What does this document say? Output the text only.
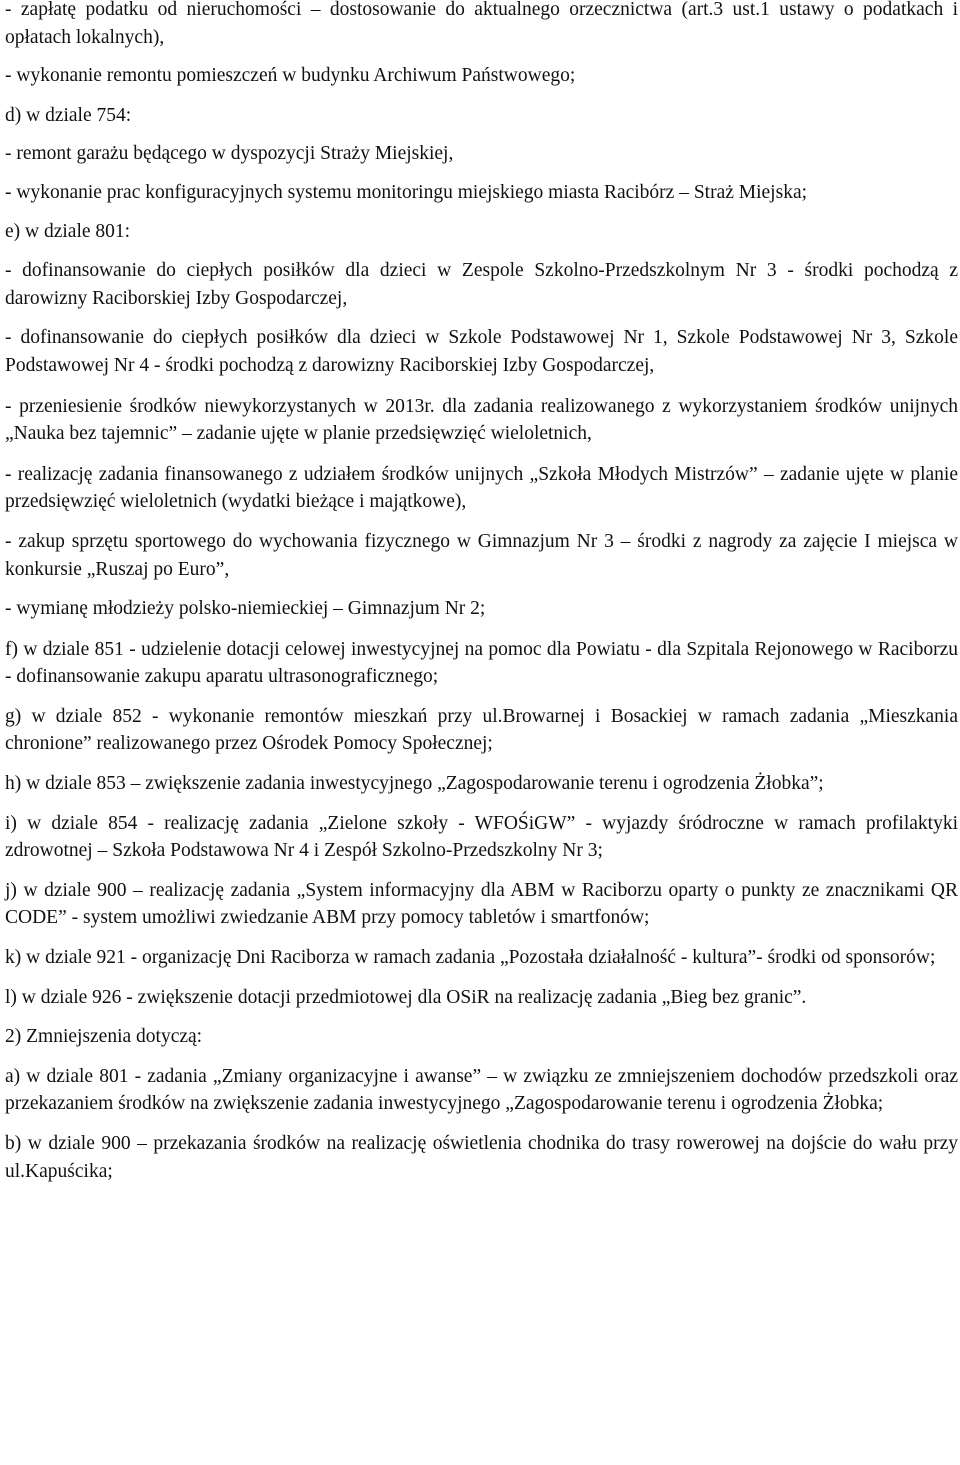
- zapłatę podatku od nieruchomości – dostosowanie do aktualnego orzecznictwa (art.3 ust.1 ustawy o podatkach i opłatach lokalnych),

- wykonanie remontu pomieszczeń w budynku Archiwum Państwowego;

d) w dziale 754:

- remont garażu będącego w dyspozycji Straży Miejskiej,

- wykonanie prac konfiguracyjnych systemu monitoringu miejskiego miasta Racibórz – Straż Miejska;

e) w dziale 801:

- dofinansowanie do ciepłych posiłków dla dzieci w Zespole Szkolno-Przedszkolnym Nr 3 - środki pochodzą z darowizny Raciborskiej Izby Gospodarczej,

- dofinansowanie do ciepłych posiłków dla dzieci w Szkole Podstawowej Nr 1, Szkole Podstawowej Nr 3, Szkole Podstawowej Nr 4 - środki pochodzą z darowizny Raciborskiej Izby Gospodarczej,

- przeniesienie środków niewykorzystanych w 2013r. dla zadania realizowanego z wykorzystaniem środków unijnych „Nauka bez tajemnic” – zadanie ujęte w planie przedsięwzięć wieloletnich,

- realizację zadania finansowanego z udziałem środków unijnych „Szkoła Młodych Mistrzów” – zadanie ujęte w planie przedsięwzięć wieloletnich (wydatki bieżące i majątkowe),

- zakup sprzętu sportowego do wychowania fizycznego w Gimnazjum Nr 3 – środki z nagrody za zajęcie I miejsca w konkursie „Ruszaj po Euro”,

- wymianę młodzieży polsko-niemieckiej – Gimnazjum Nr 2;

f) w dziale 851 - udzielenie dotacji celowej inwestycyjnej na pomoc dla Powiatu - dla Szpitala Rejonowego w Raciborzu - dofinansowanie zakupu aparatu ultrasonograficznego;

g) w dziale 852 - wykonanie remontów mieszkań przy ul.Browarnej i Bosackiej w ramach zadania „Mieszkania chronione” realizowanego przez Ośrodek Pomocy Społecznej;

h) w dziale 853 – zwiększenie zadania inwestycyjnego „Zagospodarowanie terenu i ogrodzenia Żłobka”;

i) w dziale 854 - realizację zadania „Zielone szkoły - WFOŚiGW” - wyjazdy śródroczne w ramach profilaktyki zdrowotnej – Szkoła Podstawowa Nr 4 i Zespół Szkolno-Przedszkolny Nr 3;

j) w dziale 900 – realizację zadania „System informacyjny dla ABM w Raciborzu oparty o punkty ze znacznikami QR CODE” - system umożliwi zwiedzanie ABM przy pomocy tabletów i smartfonów;

k) w dziale 921 - organizację Dni Raciborza w ramach zadania „Pozostała działalność - kultura”- środki od sponsorów;

l) w dziale 926 - zwiększenie dotacji przedmiotowej dla OSiR na realizację zadania „Bieg bez granic”.

2) Zmniejszenia dotyczą:

a) w dziale 801 - zadania „Zmiany organizacyjne i awanse” – w związku ze zmniejszeniem dochodów przedszkoli oraz przekazaniem środków na zwiększenie zadania inwestycyjnego „Zagospodarowanie terenu i ogrodzenia Żłobka;

b) w dziale 900 – przekazania środków na realizację oświetlenia chodnika do trasy rowerowej na dojście do wału przy ul.Kapuścika;
